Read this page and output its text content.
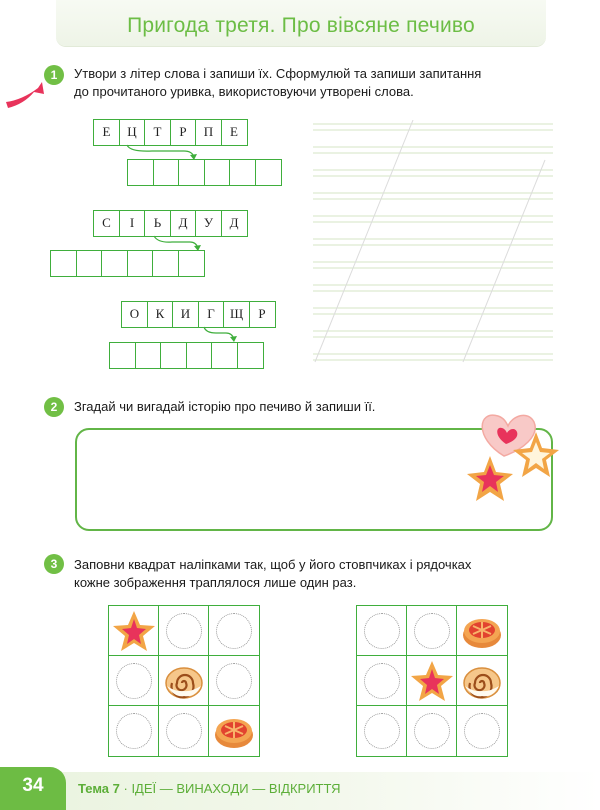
Пригода третя. Про вівсяне печиво
1	Утвори з літер слова і запиши їх. Сформулюй та запиши запитання
до прочитаного уривка, використовуючи утворені слова.
Е	Ц	Т	Р	П	Е
С	І	Ь	Д	У	Д
О	К	И	Г	Щ	Р
2	Згадай чи вигадай історію про печиво й запиши її.
3	Заповни квадрат наліпками так, щоб у його стовпчиках і рядочках
кожне зображення траплялося лише один раз.
34	Тема 7 · ІДЕЇ — ВИНАХОДИ — ВІДКРИТТЯ
